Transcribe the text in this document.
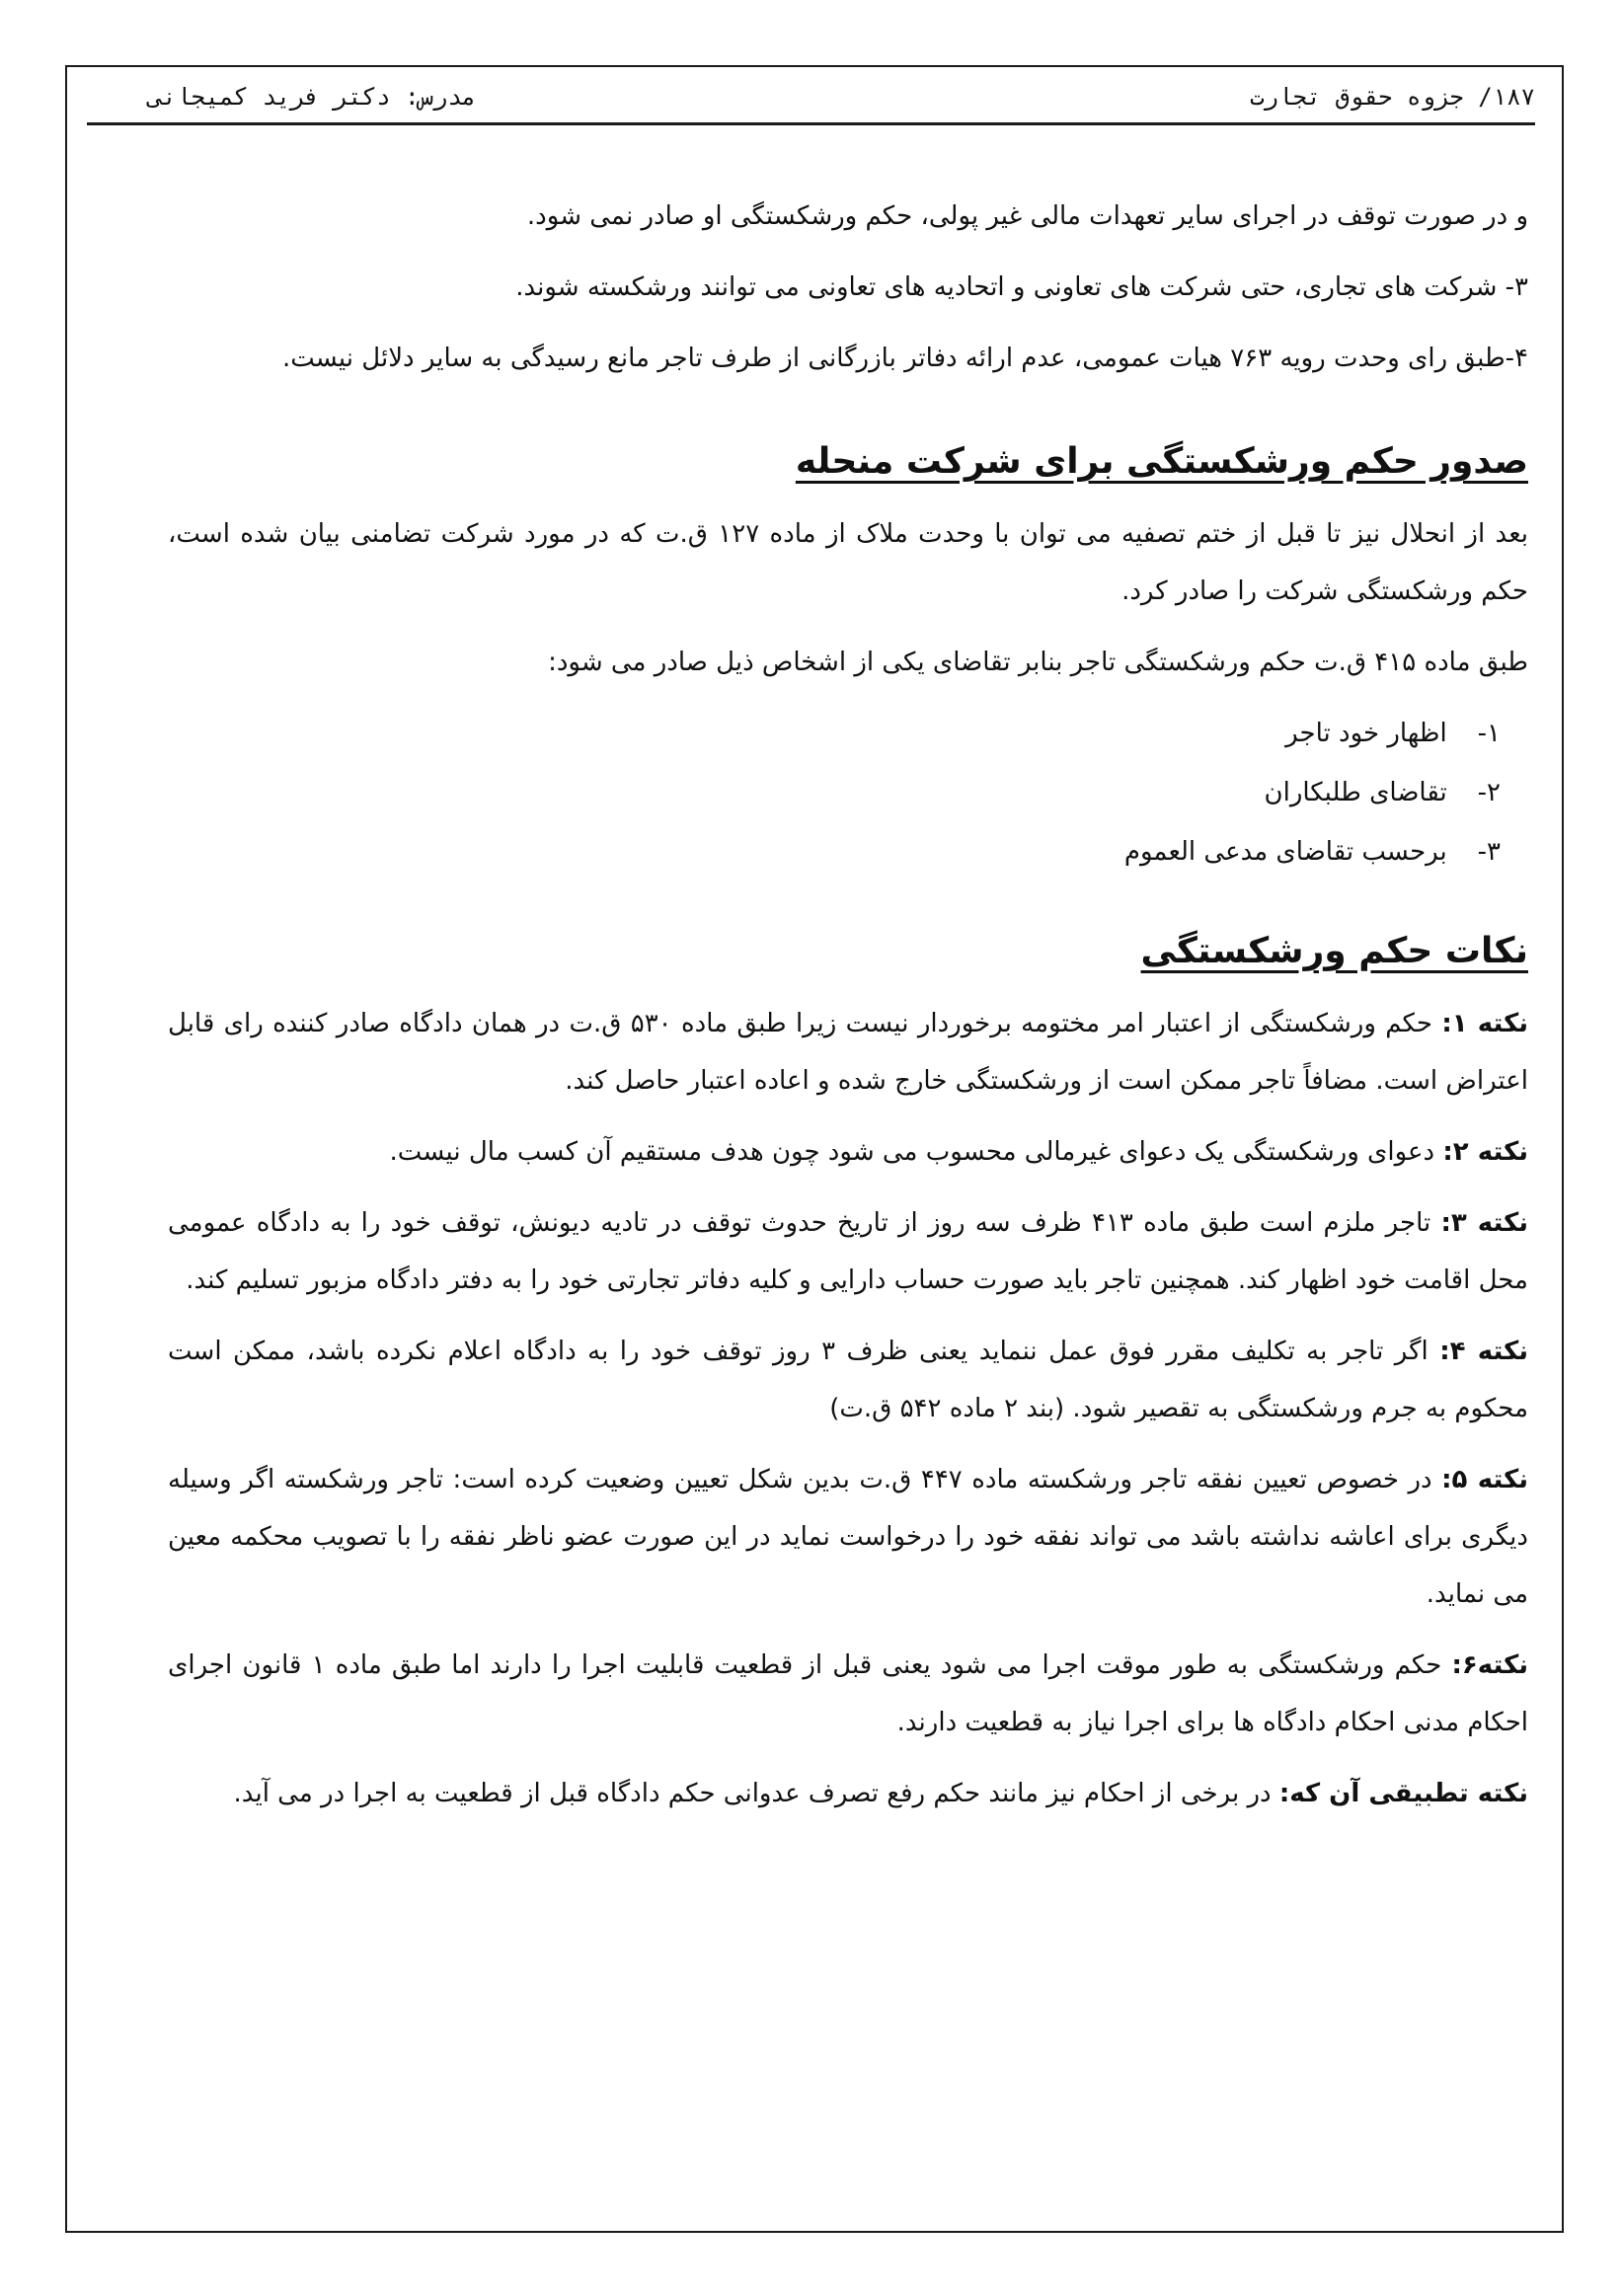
۱۸۷/ جزوه حقوق تجارت
مدرس: دکتر فرید کمیجانی

و در صورت توقف در اجرای سایر تعهدات مالی غیر پولی، حکم ورشکستگی او صادر نمی شود.

۳- شرکت های تجاری، حتی شرکت های تعاونی و اتحادیه های تعاونی می توانند ورشکسته شوند.

۴-طبق رای وحدت رویه ۷۶۳ هیات عمومی، عدم ارائه دفاتر بازرگانی از طرف تاجر مانع رسیدگی به سایر دلائل نیست.

صدور حکم ورشکستگی برای شرکت منحله

بعد از انحلال نیز تا قبل از ختم تصفیه می توان با وحدت ملاک از ماده ۱۲۷ ق.ت که در مورد شرکت تضامنی بیان شده است، حکم ورشکستگی شرکت را صادر کرد.

طبق ماده ۴۱۵ ق.ت حکم ورشکستگی تاجر بنابر تقاضای یکی از اشخاص ذیل صادر می شود:

۱- اظهار خود تاجر
۲- تقاضای طلبکاران
۳- برحسب تقاضای مدعی العموم
نکات حکم ورشکستگی

نکته ۱: حکم ورشکستگی از اعتبار امر مختومه برخوردار نیست زیرا طبق ماده ۵۳۰ ق.ت در همان دادگاه صادر کننده رای قابل اعتراض است. مضافاً تاجر ممکن است از ورشکستگی خارج شده و اعاده اعتبار حاصل کند.

نکته ۲: دعوای ورشکستگی یک دعوای غیرمالی محسوب می شود چون هدف مستقیم آن کسب مال نیست.

نکته ۳: تاجر ملزم است طبق ماده ۴۱۳ ظرف سه روز از تاریخ حدوث توقف در تادیه دیونش، توقف خود را به دادگاه عمومی محل اقامت خود اظهار کند. همچنین تاجر باید صورت حساب دارایی و کلیه دفاتر تجارتی خود را به دفتر دادگاه مزبور تسلیم کند.

نکته ۴: اگر تاجر به تکلیف مقرر فوق عمل ننماید یعنی ظرف ۳ روز توقف خود را به دادگاه اعلام نکرده باشد، ممکن است محکوم به جرم ورشکستگی به تقصیر شود. (بند ۲ ماده ۵۴۲ ق.ت)

نکته ۵: در خصوص تعیین نفقه تاجر ورشکسته ماده ۴۴۷ ق.ت بدین شکل تعیین وضعیت کرده است: تاجر ورشکسته اگر وسیله دیگری برای اعاشه نداشته باشد می تواند نفقه خود را درخواست نماید در این صورت عضو ناظر نفقه را با تصویب محکمه معین می نماید.

نکته۶: حکم ورشکستگی به طور موقت اجرا می شود یعنی قبل از قطعیت قابلیت اجرا را دارند اما طبق ماده ۱ قانون اجرای احکام مدنی احکام دادگاه ها برای اجرا نیاز به قطعیت دارند.

نکته تطبیقی آن که: در برخی از احکام نیز مانند حکم رفع تصرف عدوانی حکم دادگاه قبل از قطعیت به اجرا در می آید.
